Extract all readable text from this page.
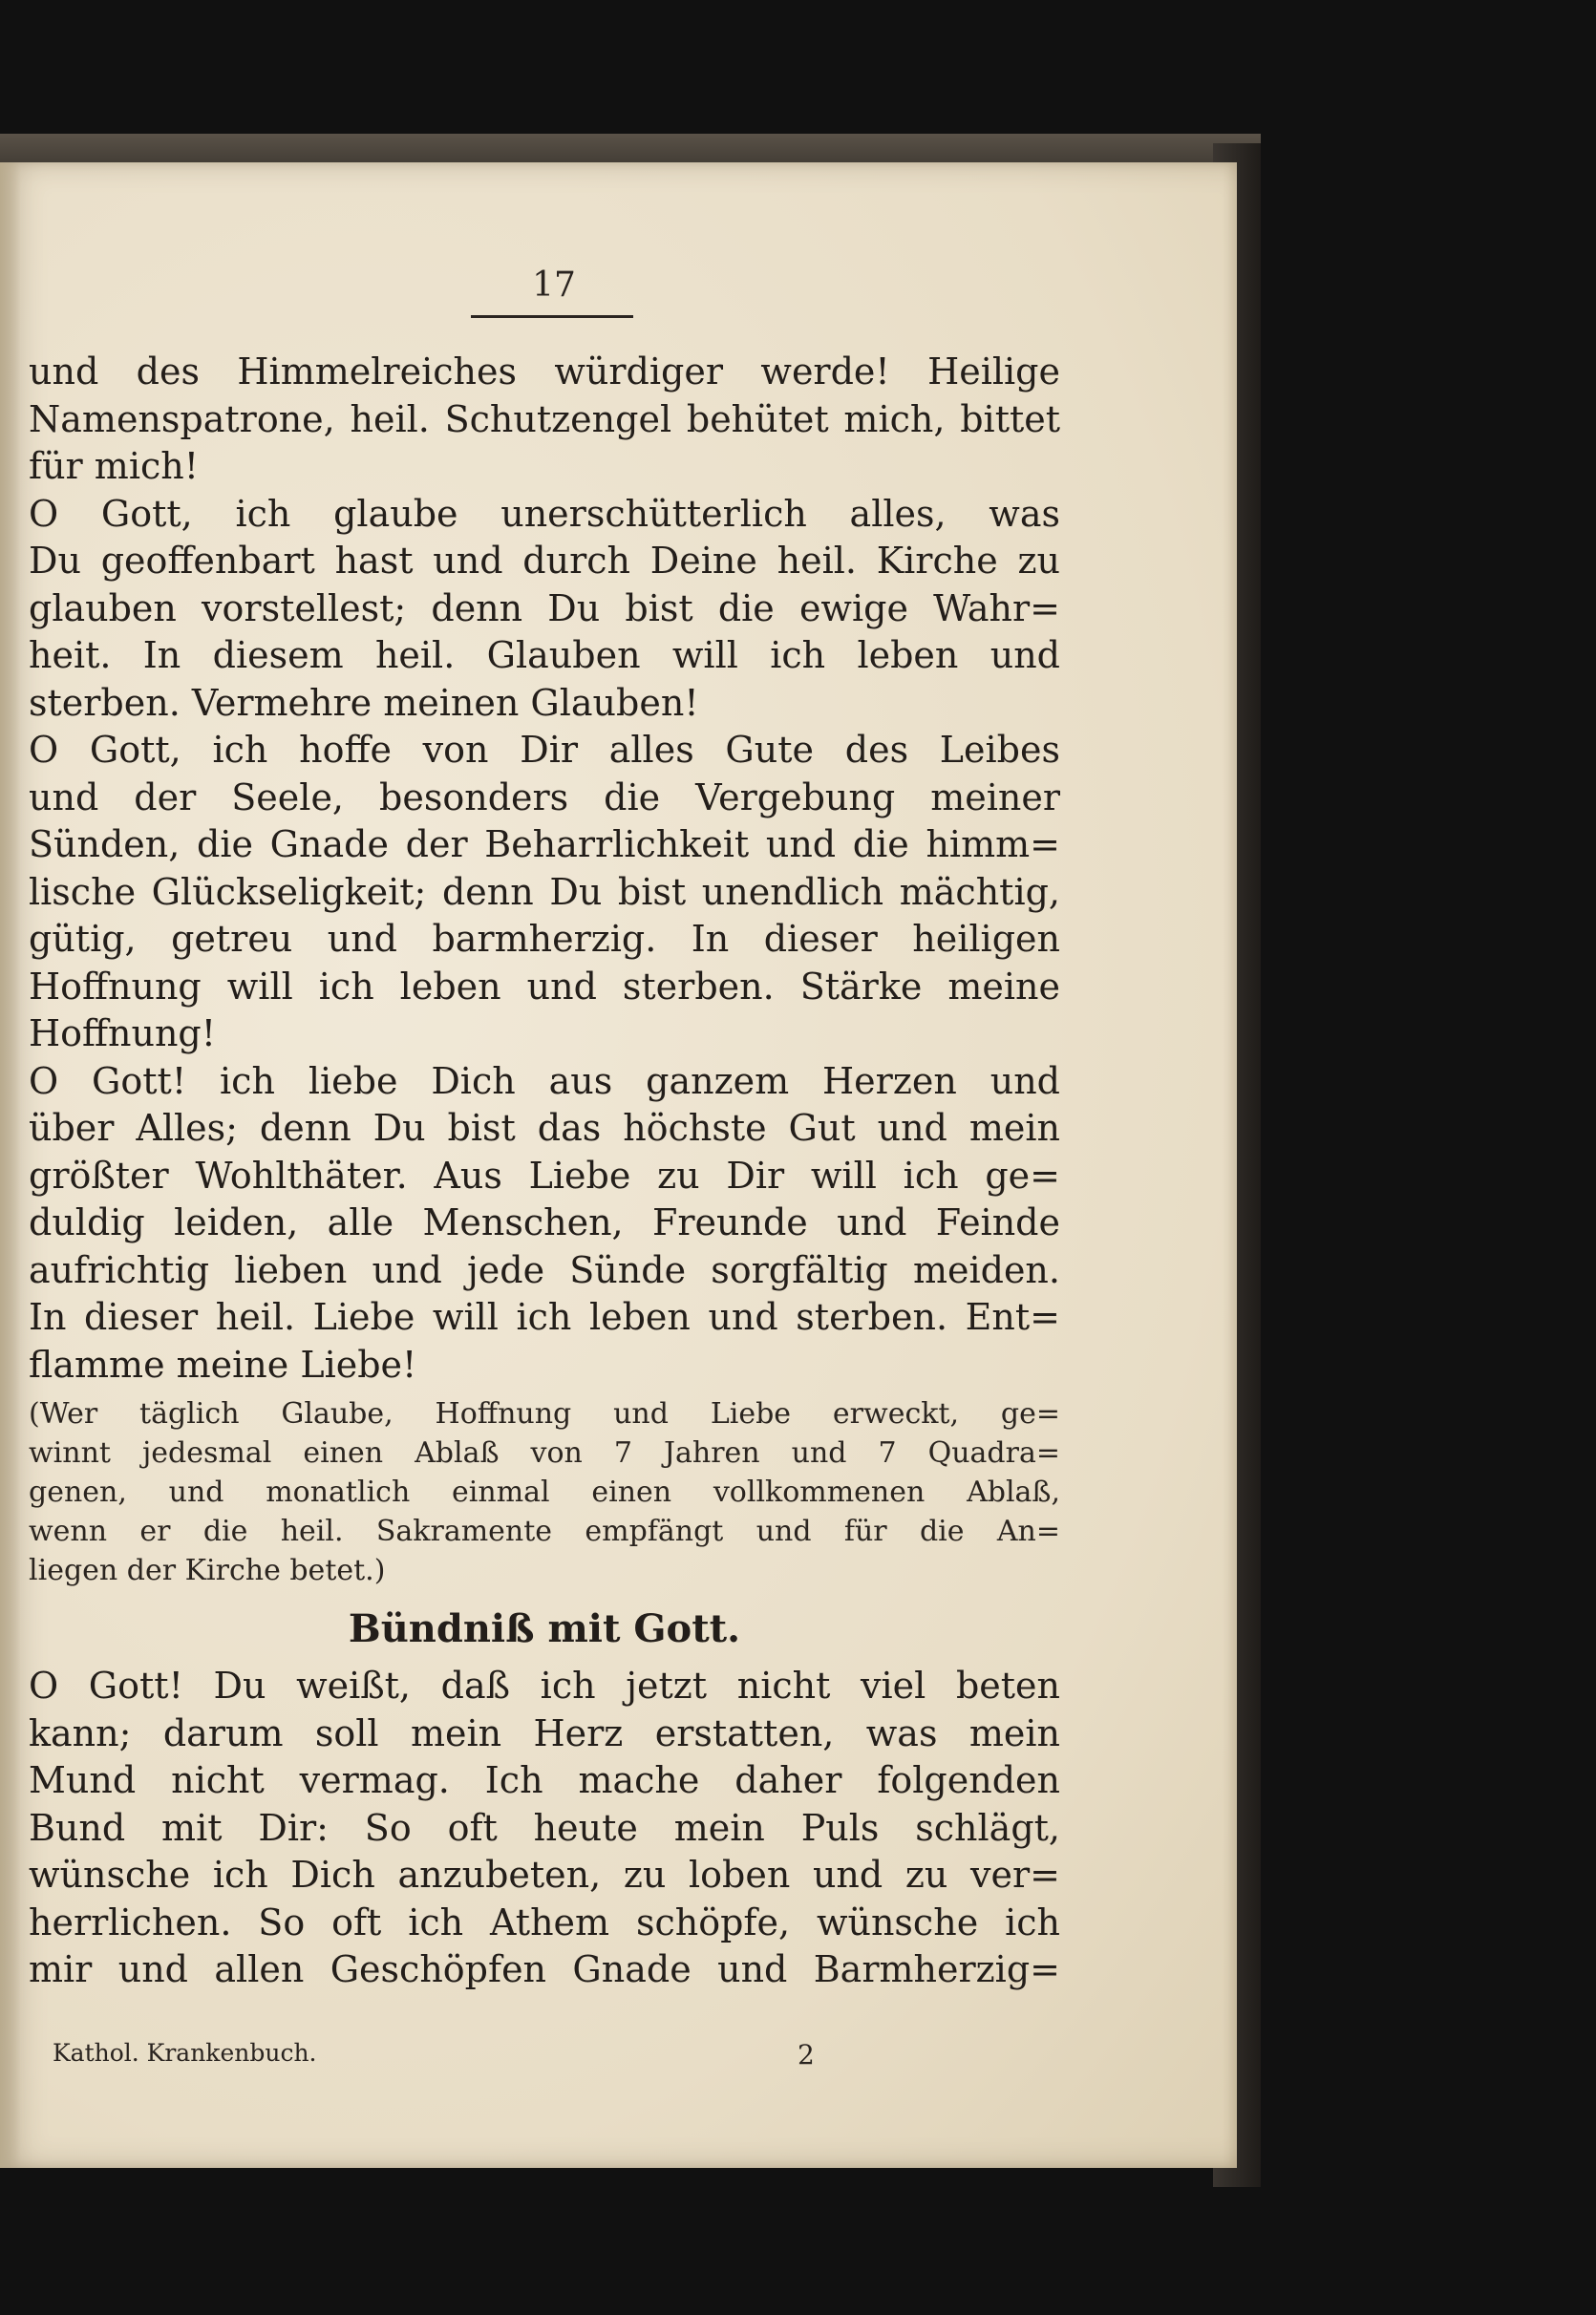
17
und des Himmelreiches würdiger werde! Heilige
Namenspatrone, heil. Schutzengel behütet mich, bittet
für mich!
O Gott, ich glaube unerschütterlich alles, was
Du geoffenbart hast und durch Deine heil. Kirche zu
glauben vorstellest; denn Du bist die ewige Wahr=
heit. In diesem heil. Glauben will ich leben und
sterben. Vermehre meinen Glauben!
O Gott, ich hoffe von Dir alles Gute des Leibes
und der Seele, besonders die Vergebung meiner
Sünden, die Gnade der Beharrlichkeit und die himm=
lische Glückseligkeit; denn Du bist unendlich mächtig,
gütig, getreu und barmherzig. In dieser heiligen
Hoffnung will ich leben und sterben. Stärke meine
Hoffnung!
O Gott! ich liebe Dich aus ganzem Herzen und
über Alles; denn Du bist das höchste Gut und mein
größter Wohlthäter. Aus Liebe zu Dir will ich ge=
duldig leiden, alle Menschen, Freunde und Feinde
aufrichtig lieben und jede Sünde sorgfältig meiden.
In dieser heil. Liebe will ich leben und sterben. Ent=
flamme meine Liebe!
(Wer täglich Glaube, Hoffnung und Liebe erweckt, ge=
winnt jedesmal einen Ablaß von 7 Jahren und 7 Quadra=
genen, und monatlich einmal einen vollkommenen Ablaß,
wenn er die heil. Sakramente empfängt und für die An=
liegen der Kirche betet.)
Bündniß mit Gott.
O Gott! Du weißt, daß ich jetzt nicht viel beten
kann; darum soll mein Herz erstatten, was mein
Mund nicht vermag. Ich mache daher folgenden
Bund mit Dir: So oft heute mein Puls schlägt,
wünsche ich Dich anzubeten, zu loben und zu ver=
herrlichen. So oft ich Athem schöpfe, wünsche ich
mir und allen Geschöpfen Gnade und Barmherzig=
Kathol. Krankenbuch.	2
